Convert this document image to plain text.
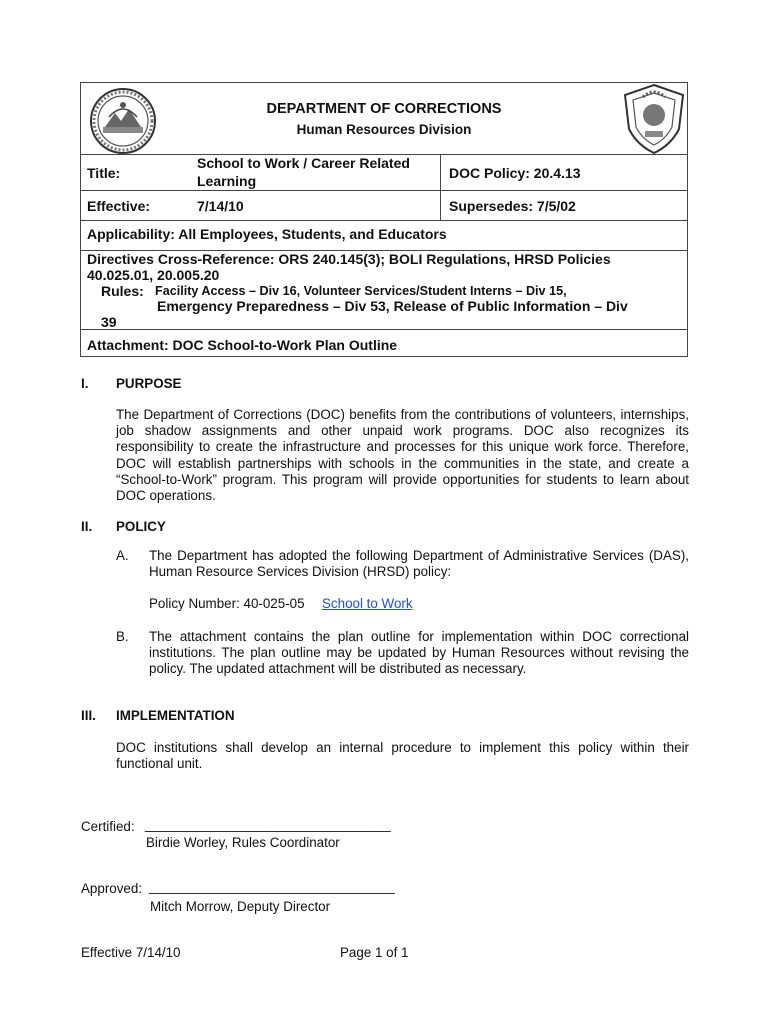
DEPARTMENT OF CORRECTIONS
Human Resources Division
Title:
School to Work / Career Related
Learning	DOC Policy: 20.4.13
Effective:	7/14/10	Supersedes: 7/5/02
Applicability: All Employees, Students, and Educators
Directives Cross-Reference: ORS 240.145(3); BOLI Regulations, HRSD Policies
40.025.01, 20.005.20
Rules: Facility Access – Div 16, Volunteer Services/Student Interns – Div 15,
Emergency Preparedness – Div 53, Release of Public Information – Div
39
Attachment: DOC School-to-Work Plan Outline
I. PURPOSE
The Department of Corrections (DOC) benefits from the contributions of volunteers, internships, job shadow assignments and other unpaid work programs. DOC also recognizes its responsibility to create the infrastructure and processes for this unique work force. Therefore, DOC will establish partnerships with schools in the communities in the state, and create a “School-to-Work” program. This program will provide opportunities for students to learn about DOC operations.
II. POLICY
A. The Department has adopted the following Department of Administrative Services (DAS), Human Resource Services Division (HRSD) policy:
Policy Number: 40-025-05 School to Work
B. The attachment contains the plan outline for implementation within DOC correctional institutions. The plan outline may be updated by Human Resources without revising the policy. The updated attachment will be distributed as necessary.
III. IMPLEMENTATION
DOC institutions shall develop an internal procedure to implement this policy within their functional unit.
Certified: _________________________________
Birdie Worley, Rules Coordinator
Approved: _________________________________
Mitch Morrow, Deputy Director
Effective 7/14/10	Page 1 of 1
